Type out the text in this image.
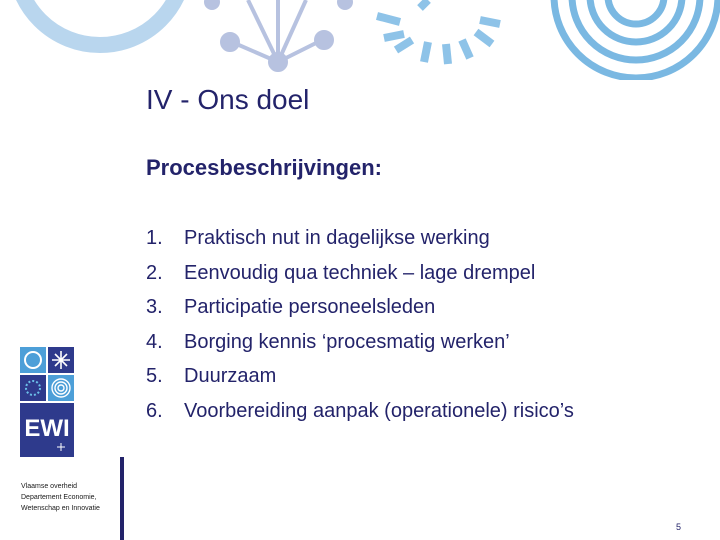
IV - Ons doel
Procesbeschrijvingen:
1. Praktisch nut in dagelijkse werking
2. Eenvoudig qua techniek – lage drempel
3. Participatie personeelsleden
4. Borging kennis ‘procesmatig werken’
5. Duurzaam
6. Voorbereiding aanpak (operationele) risico’s
EWI
Vlaamse overheid
Departement Economie,
Wetenschap en Innovatie
5
